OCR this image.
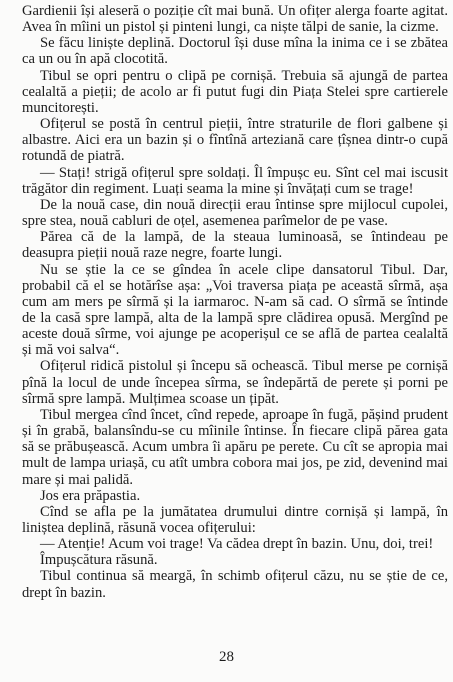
Gardienii își aleseră o poziție cît mai bună. Un ofițer alerga foarte agitat. Avea în mîini un pistol și pinteni lungi, ca niște tălpi de sanie, la cizme.

Se făcu liniște deplină. Doctorul își duse mîna la inima ce i se zbătea ca un ou în apă clocotită.

Tibul se opri pentru o clipă pe cornișă. Trebuia să ajungă de partea cealaltă a pieții; de acolo ar fi putut fugi din Piața Stelei spre cartierele muncitorești.

Ofițerul se postă în centrul pieții, între straturile de flori galbene și albastre. Aici era un bazin și o fîntînă arteziană care țîșnea dintr-o cupă rotundă de piatră.

— Stați! strigă ofițerul spre soldați. Îl împușc eu. Sînt cel mai iscusit trăgător din regiment. Luați seama la mine și învățați cum se trage!

De la nouă case, din nouă direcții erau întinse spre mijlocul cupolei, spre stea, nouă cabluri de oțel, asemenea parîmelor de pe vase.

Părea că de la lampă, de la steaua luminoasă, se întindeau pe deasupra pieții nouă raze negre, foarte lungi.

Nu se știe la ce se gîndea în acele clipe dansatorul Tibul. Dar, probabil că el se hotărîse așa: „Voi traversa piața pe această sîrmă, așa cum am mers pe sîrmă și la iarmaroc. N-am să cad. O sîrmă se întinde de la casă spre lampă, alta de la lampă spre clădirea opusă. Mergînd pe aceste două sîrme, voi ajunge pe acoperișul ce se află de partea cealaltă și mă voi salva“.

Ofițerul ridică pistolul și începu să ochească. Tibul merse pe cornișă pînă la locul de unde începea sîrma, se îndepărtă de perete și porni pe sîrmă spre lampă. Mulțimea scoase un țipăt.

Tibul mergea cînd încet, cînd repede, aproape în fugă, pășind prudent și în grabă, balansîndu-se cu mîinile întinse. În fiecare clipă părea gata să se prăbușească. Acum umbra îi apăru pe perete. Cu cît se apropia mai mult de lampa uriașă, cu atît umbra cobora mai jos, pe zid, devenind mai mare și mai palidă.

Jos era prăpastia.

Cînd se afla pe la jumătatea drumului dintre cornișă și lampă, în liniștea deplină, răsună vocea ofițerului:

— Atenție! Acum voi trage! Va cădea drept în bazin. Unu, doi, trei!

Împușcătura răsună.

Tibul continua să meargă, în schimb ofițerul căzu, nu se știe de ce, drept în bazin.

28
